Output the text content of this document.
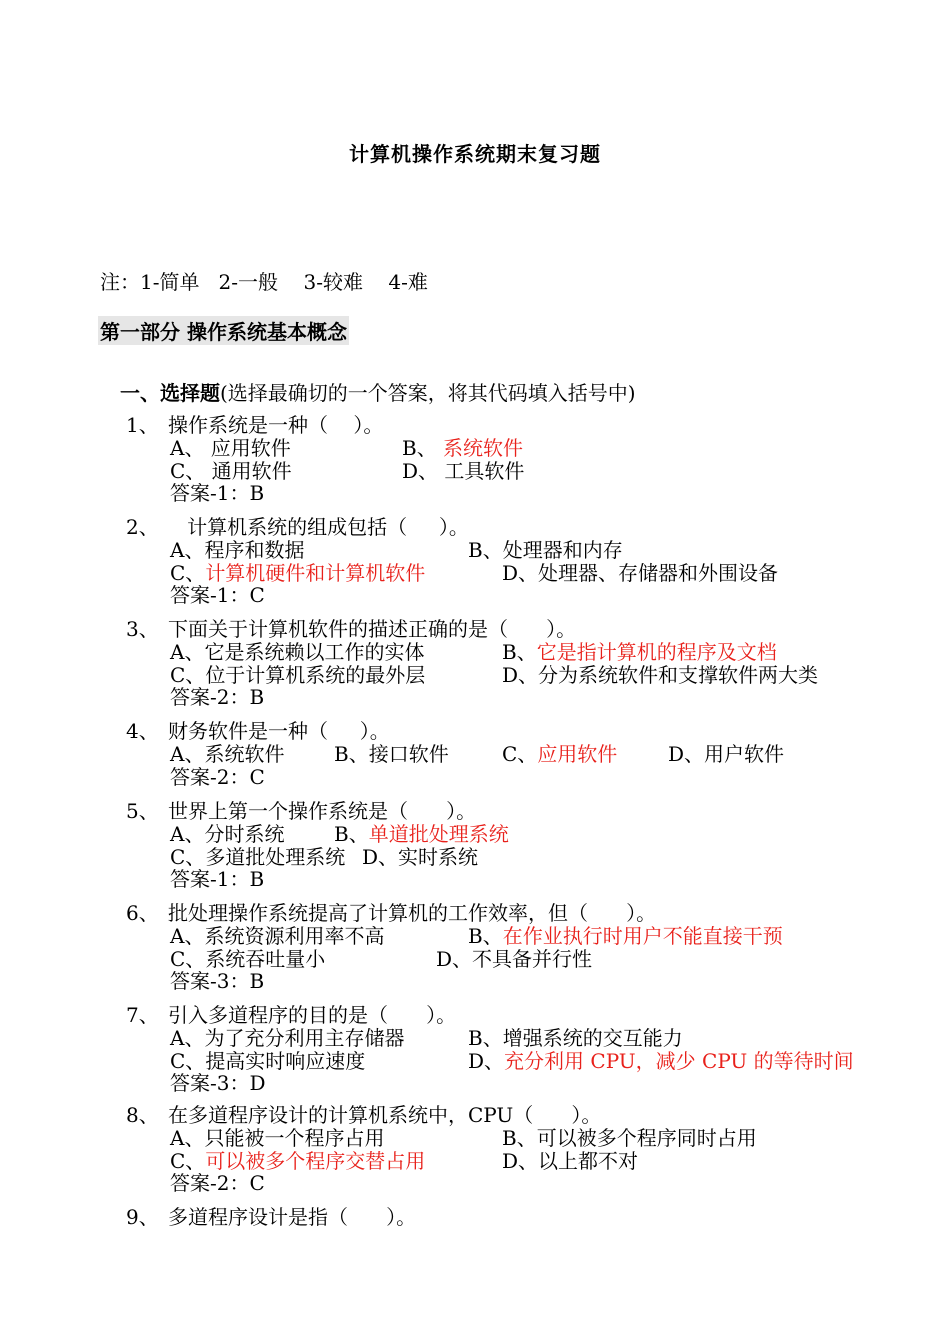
计算机操作系统期末复习题
注：1-简单   2-一般    3-较难    4-难
第一部分 操作系统基本概念
一、选择题(选择最确切的一个答案，将其代码填入括号中)
1、 操作系统是一种（    ）。
A、 应用软件	B、 系统软件
C、 通用软件	D、 工具软件
答案-1：B
2、 计算机系统的组成包括（     ）。
A、程序和数据	B、处理器和内存
C、计算机硬件和计算机软件	D、处理器、存储器和外围设备
答案-1：C
3、 下面关于计算机软件的描述正确的是（      ）。
A、它是系统赖以工作的实体	B、它是指计算机的程序及文档
C、位于计算机系统的最外层	D、分为系统软件和支撑软件两大类
答案-2：B
4、 财务软件是一种（     ）。
A、系统软件 B、接口软件	C、应用软件	D、用户软件
答案-2：C
5、 世界上第一个操作系统是（      ）。
A、分时系统 B、单道批处理系统
C、多道批处理系统 D、实时系统
答案-1：B
6、 批处理操作系统提高了计算机的工作效率，但（      ）。
A、系统资源利用率不高	B、在作业执行时用户不能直接干预
C、系统吞吐量小	D、不具备并行性
答案-3：B
7、 引入多道程序的目的是（      ）。
A、为了充分利用主存储器	B、增强系统的交互能力
C、提高实时响应速度	D、充分利用 CPU，减少 CPU 的等待时间
答案-3：D
8、 在多道程序设计的计算机系统中，CPU（      ）。
A、只能被一个程序占用	B、可以被多个程序同时占用
C、可以被多个程序交替占用	D、以上都不对
答案-2：C
9、 多道程序设计是指（      ）。
